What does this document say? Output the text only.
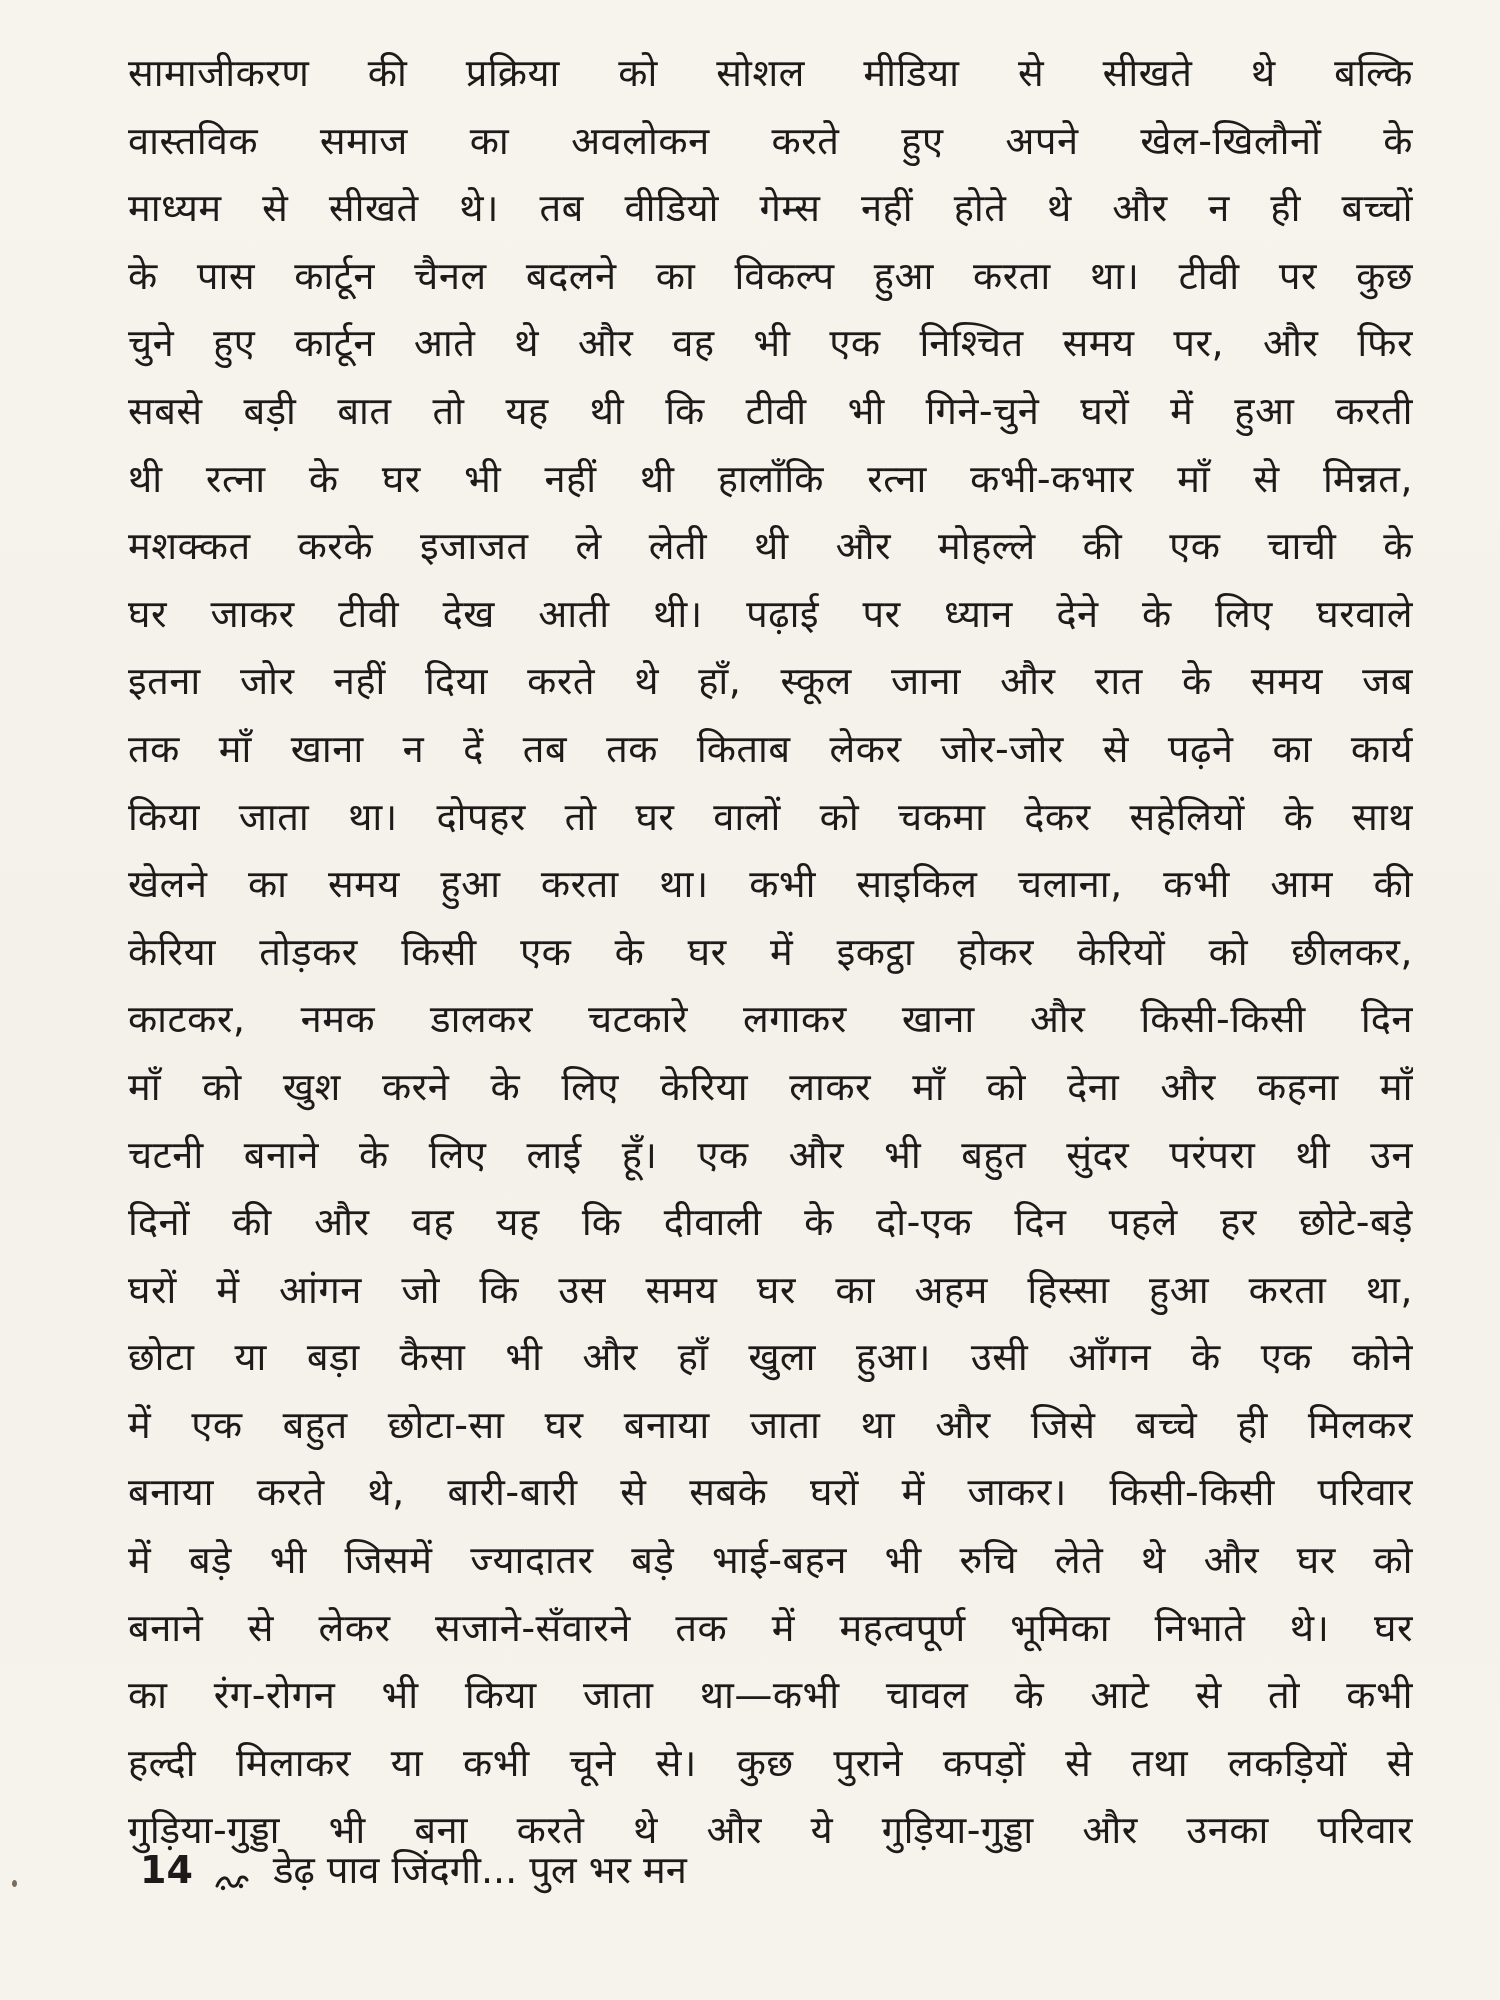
सामाजीकरण की प्रक्रिया को सोशल मीडिया से सीखते थे बल्कि
वास्तविक समाज का अवलोकन करते हुए अपने खेल-खिलौनों के
माध्यम से सीखते थे। तब वीडियो गेम्स नहीं होते थे और न ही बच्चों
के पास कार्टून चैनल बदलने का विकल्प हुआ करता था। टीवी पर कुछ
चुने हुए कार्टून आते थे और वह भी एक निश्चित समय पर, और फिर
सबसे बड़ी बात तो यह थी कि टीवी भी गिने-चुने घरों में हुआ करती
थी रत्ना के घर भी नहीं थी हालाँकि रत्ना कभी-कभार माँ से मिन्नत,
मशक्कत करके इजाजत ले लेती थी और मोहल्ले की एक चाची के
घर जाकर टीवी देख आती थी। पढ़ाई पर ध्यान देने के लिए घरवाले
इतना जोर नहीं दिया करते थे हाँ, स्कूल जाना और रात के समय जब
तक माँ खाना न दें तब तक किताब लेकर जोर-जोर से पढ़ने का कार्य
किया जाता था। दोपहर तो घर वालों को चकमा देकर सहेलियों के साथ
खेलने का समय हुआ करता था। कभी साइकिल चलाना, कभी आम की
केरिया तोड़कर किसी एक के घर में इकट्ठा होकर केरियों को छीलकर,
काटकर, नमक डालकर चटकारे लगाकर खाना और किसी-किसी दिन
माँ को खुश करने के लिए केरिया लाकर माँ को देना और कहना माँ
चटनी बनाने के लिए लाई हूँ। एक और भी बहुत सुंदर परंपरा थी उन
दिनों की और वह यह कि दीवाली के दो-एक दिन पहले हर छोटे-बड़े
घरों में आंगन जो कि उस समय घर का अहम हिस्सा हुआ करता था,
छोटा या बड़ा कैसा भी और हाँ खुला हुआ। उसी आँगन के एक कोने
में एक बहुत छोटा-सा घर बनाया जाता था और जिसे बच्चे ही मिलकर
बनाया करते थे, बारी-बारी से सबके घरों में जाकर। किसी-किसी परिवार
में बड़े भी जिसमें ज्यादातर बड़े भाई-बहन भी रुचि लेते थे और घर को
बनाने से लेकर सजाने-सँवारने तक में महत्वपूर्ण भूमिका निभाते थे। घर
का रंग-रोगन भी किया जाता था—कभी चावल के आटे से तो कभी
हल्दी मिलाकर या कभी चूने से। कुछ पुराने कपड़ों से तथा लकड़ियों से
गुड़िया-गुड्डा भी बना करते थे और ये गुड़िया-गुड्डा और उनका परिवार
14 डेढ़ पाव जिंदगी... पुल भर मन
